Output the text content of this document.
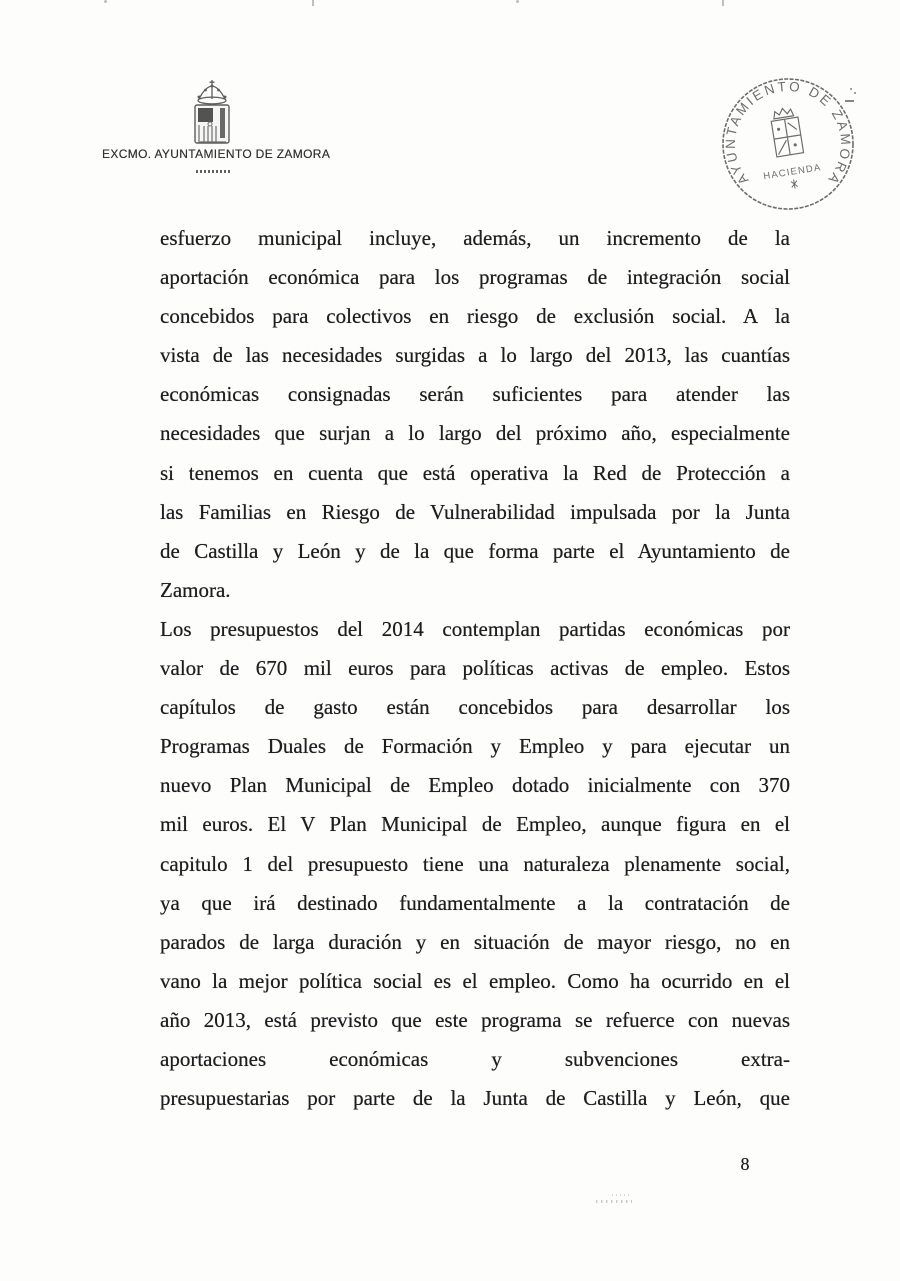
EXCMO. AYUNTAMIENTO DE ZAMORA
AYUNTAMIENTO DE ZAMORA
HACIENDA
esfuerzo municipal incluye, además, un incremento de la
aportación económica para los programas de integración social
concebidos para colectivos en riesgo de exclusión social. A la
vista de las necesidades surgidas a lo largo del 2013, las cuantías
económicas consignadas serán suficientes para atender las
necesidades que surjan a lo largo del próximo año, especialmente
si tenemos en cuenta que está operativa la Red de Protección a
las Familias en Riesgo de Vulnerabilidad impulsada por la Junta
de Castilla y León y de la que forma parte el Ayuntamiento de
Zamora.
Los presupuestos del 2014 contemplan partidas económicas por
valor de 670 mil euros para políticas activas de empleo. Estos
capítulos de gasto están concebidos para desarrollar los
Programas Duales de Formación y Empleo y para ejecutar un
nuevo Plan Municipal de Empleo dotado inicialmente con 370
mil euros. El V Plan Municipal de Empleo, aunque figura en el
capitulo 1 del presupuesto tiene una naturaleza plenamente social,
ya que irá destinado fundamentalmente a la contratación de
parados de larga duración y en situación de mayor riesgo, no en
vano la mejor política social es el empleo. Como ha ocurrido en el
año 2013, está previsto que este programa se refuerce con nuevas
aportaciones económicas y subvenciones extra-
presupuestarias por parte de la Junta de Castilla y León, que
8
